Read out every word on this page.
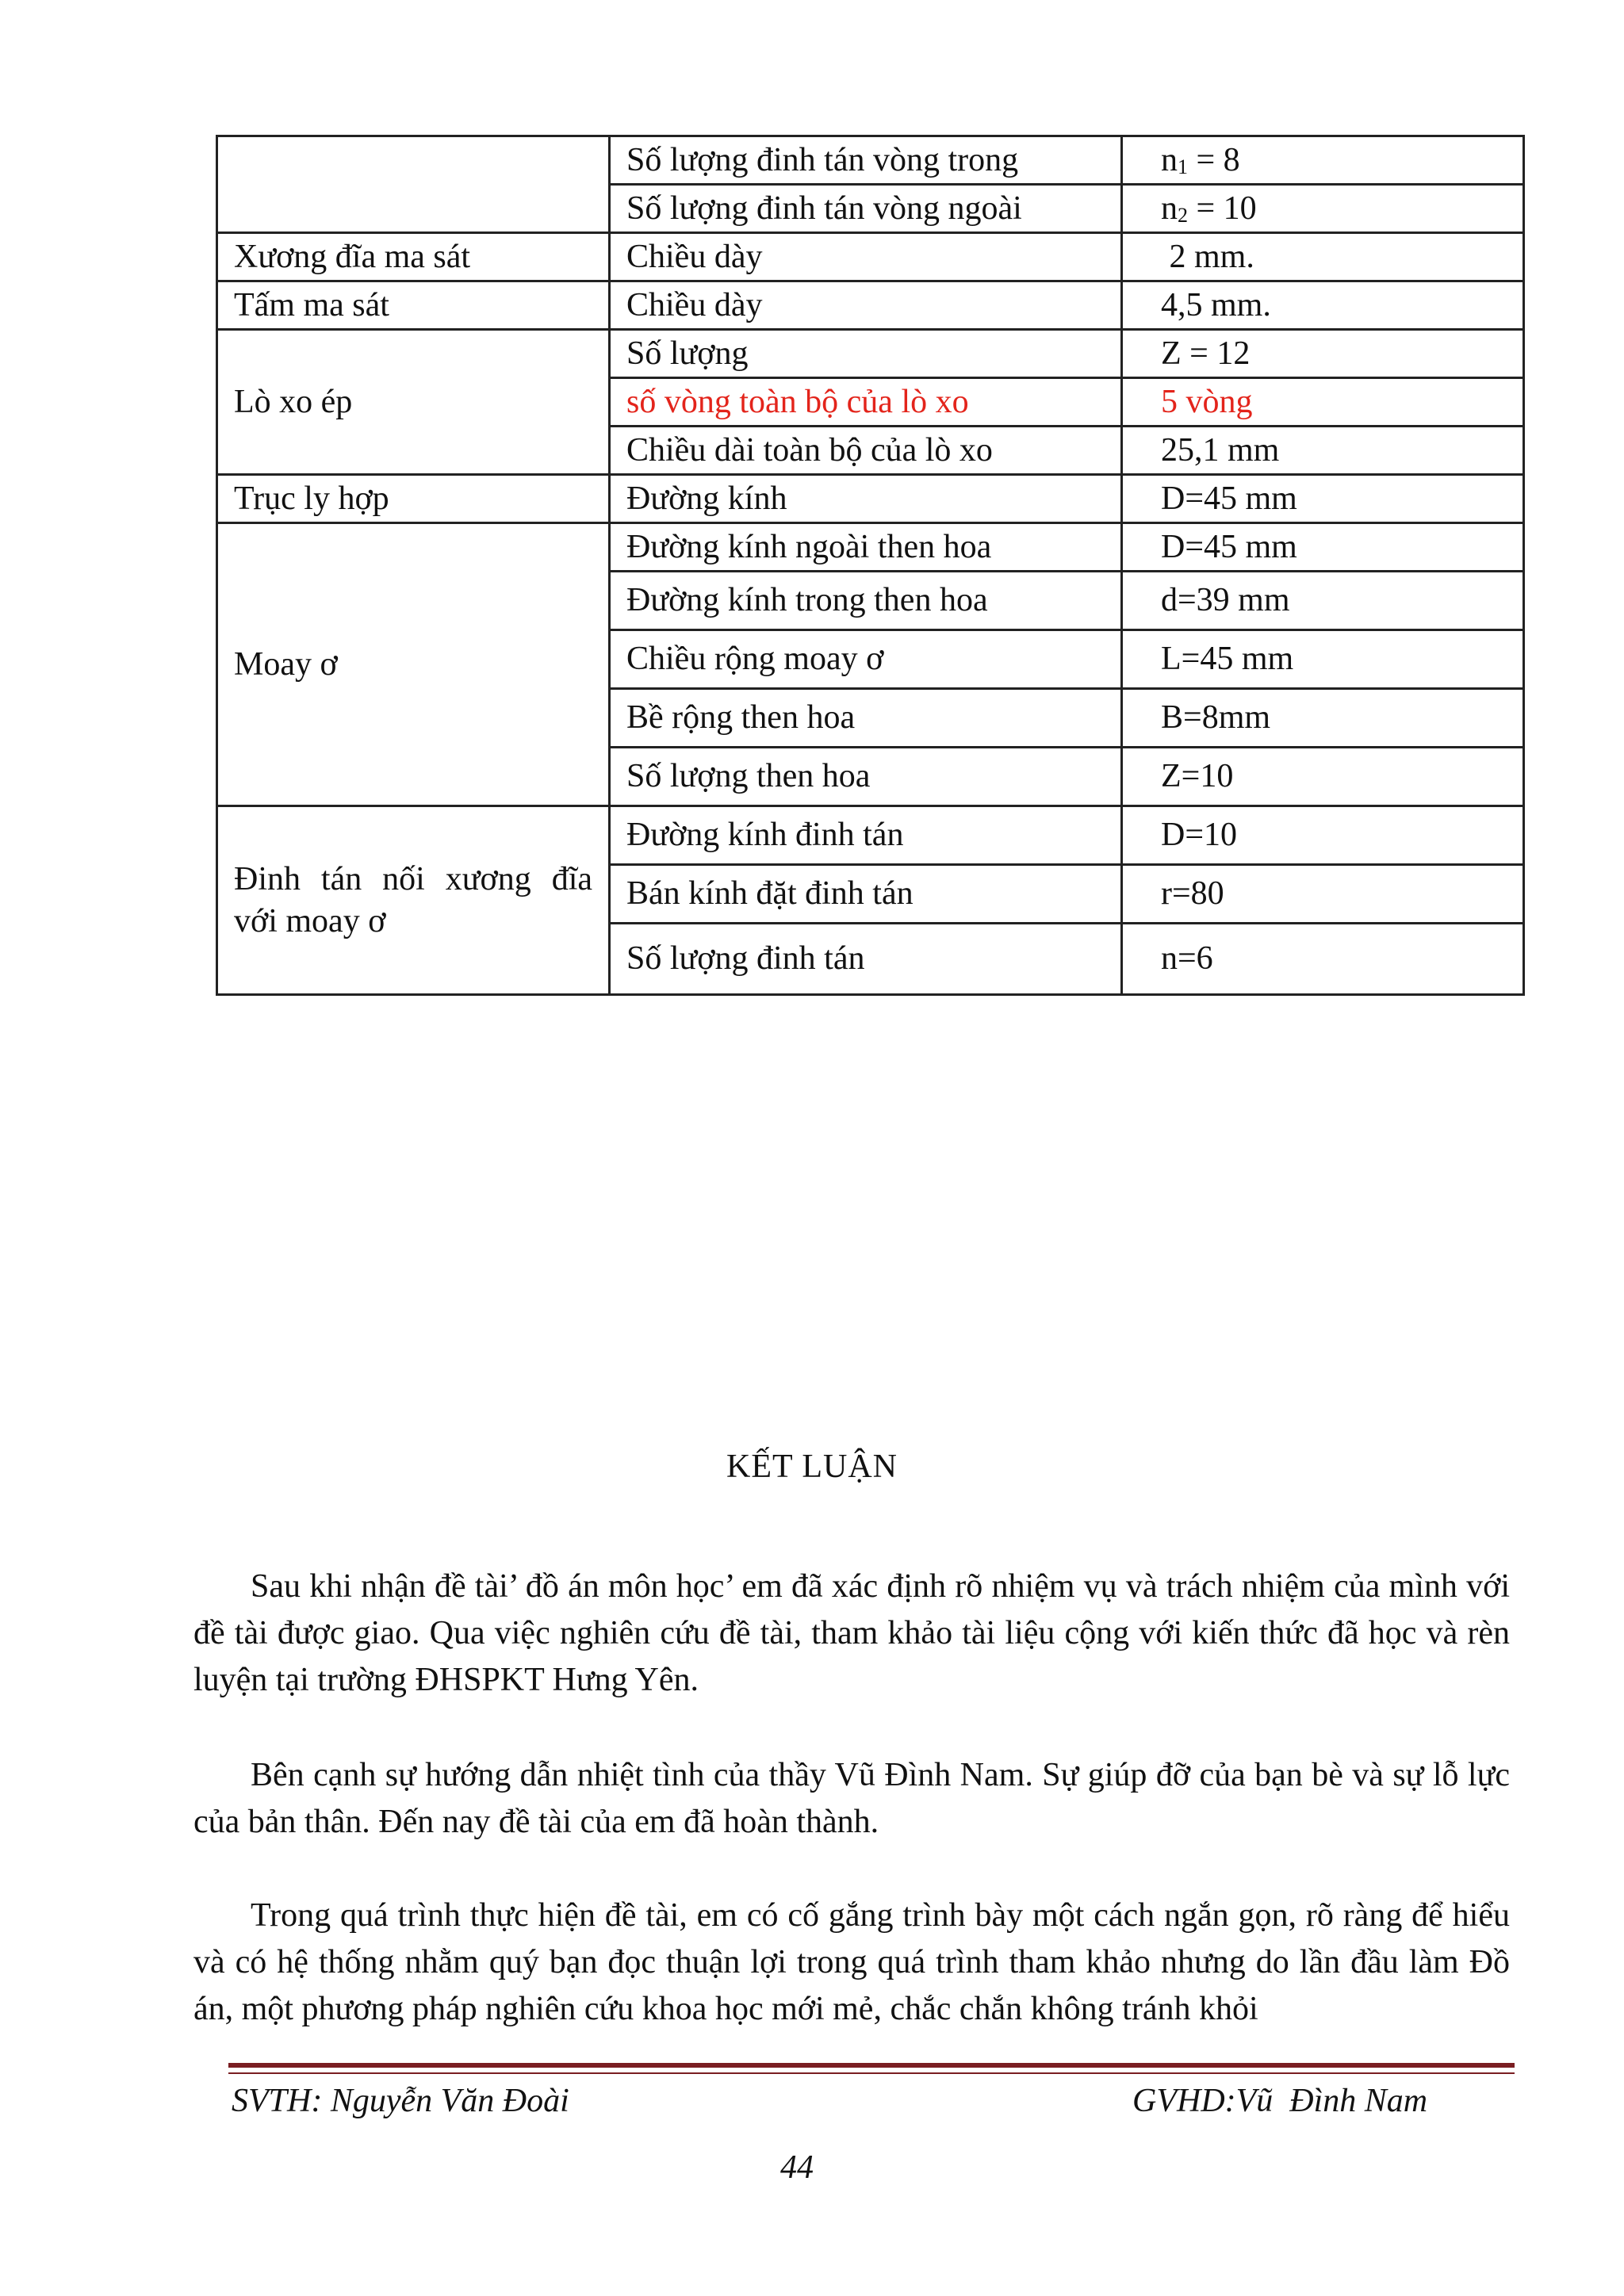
	Số lượng đinh tán vòng trong	$n_1 = 8$
	Số lượng đinh tán vòng ngoài	$n_2 = 10$
Xương đĩa ma sát	Chiều dày	2 mm.
Tấm ma sát	Chiều dày	4,5 mm.
Lò xo ép	Số lượng	Z = 12
	số vòng toàn bộ của lò xo	5 vòng
	Chiều dài toàn bộ của lò xo	25,1 mm
Trục ly hợp	Đường kính	D=45 mm
Moay ơ	Đường kính ngoài then hoa	D=45 mm
	Đường kính trong then hoa	d=39 mm
	Chiều rộng moay ơ	L=45 mm
	Bề rộng then hoa	B=8mm
	Số lượng then hoa	Z=10
Đinh tán nối xương đĩa với moay ơ	Đường kính đinh tán	D=10
	Bán kính đặt đinh tán	r=80
	Số lượng đinh tán	n=6
KẾT LUẬN

Sau khi nhận đề tài’ đồ án môn học’ em đã xác định rõ nhiệm vụ và trách nhiệm của mình với đề tài được giao. Qua việc nghiên cứu đề tài, tham khảo tài liệu cộng với kiến thức đã học và rèn luyện tại trường ĐHSPKT Hưng Yên.

Bên cạnh sự hướng dẫn nhiệt tình của thầy Vũ Đình Nam. Sự giúp đỡ của bạn bè và sự lỗ lực của bản thân. Đến nay đề tài của em đã hoàn thành.

Trong quá trình thực hiện đề tài, em có cố gắng trình bày một cách ngắn gọn, rõ ràng để hiểu và có hệ thống nhằm quý bạn đọc thuận lợi trong quá trình tham khảo nhưng do lần đầu làm Đồ án, một phương pháp nghiên cứu khoa học mới mẻ, chắc chắn không tránh khỏi

SVTH: Nguyễn Văn Đoài	GVHD:Vũ  Đình Nam
44
